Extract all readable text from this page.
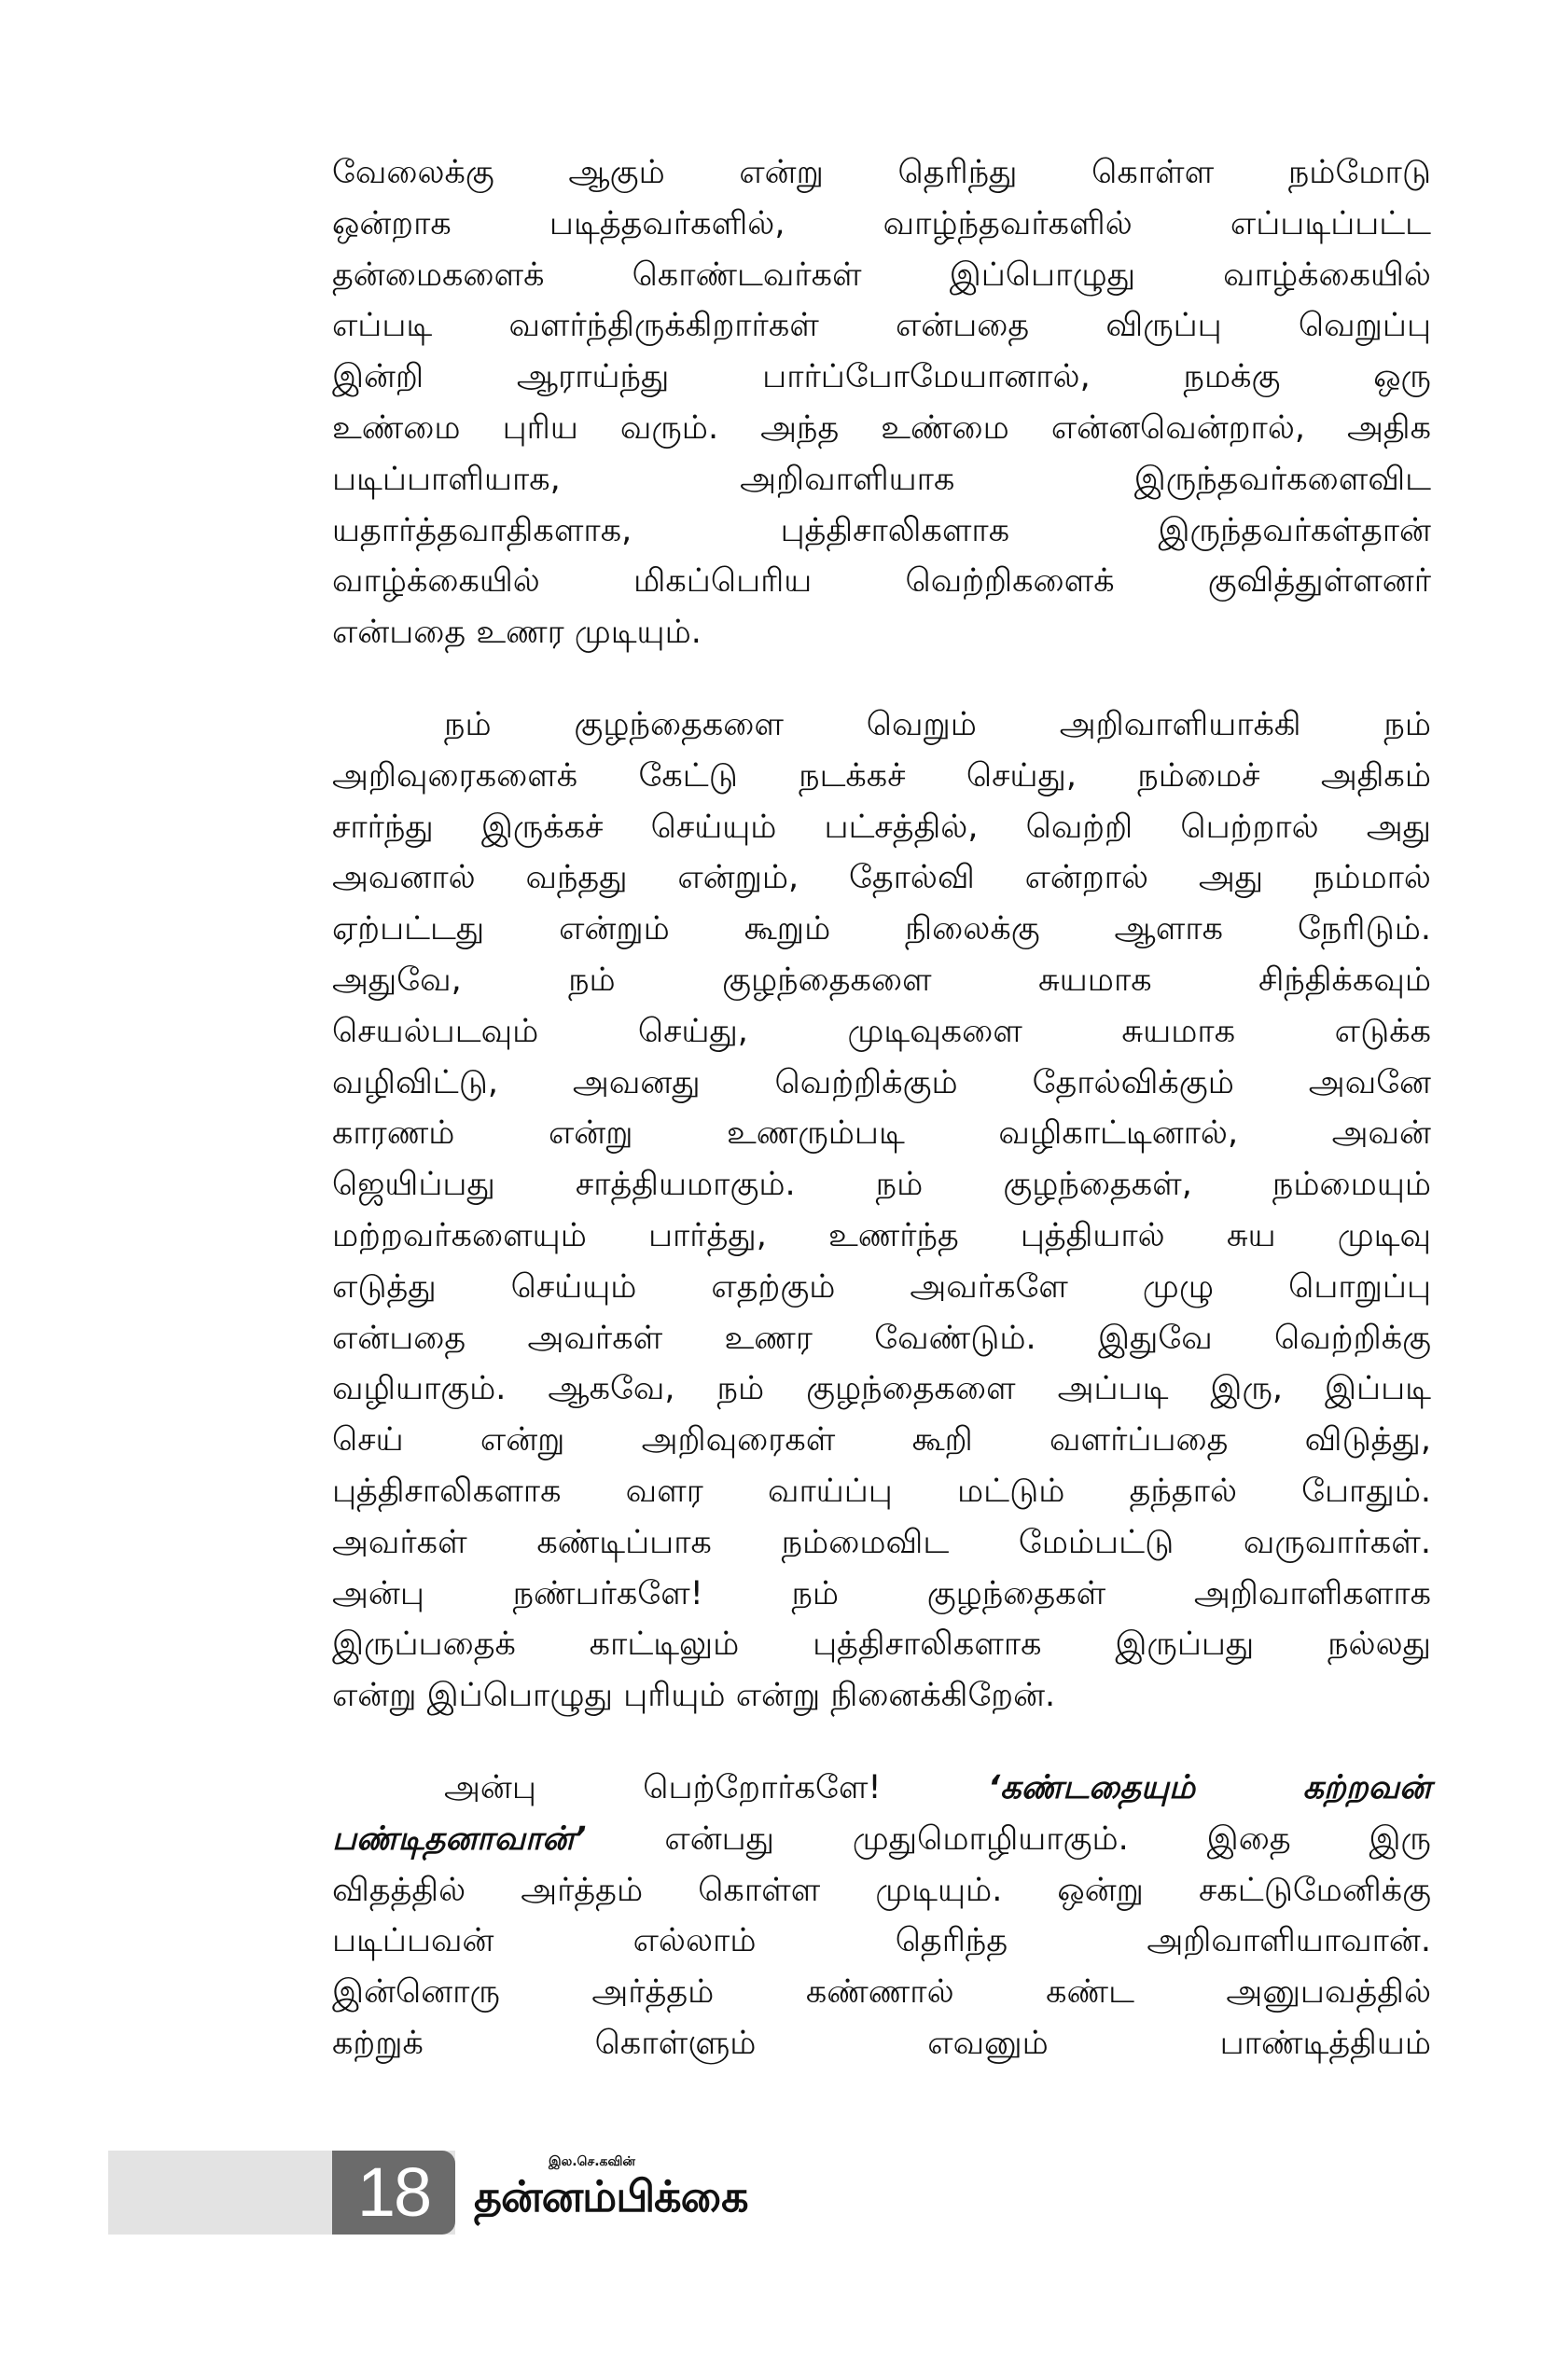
வேலைக்கு ஆகும் என்று தெரிந்து கொள்ள நம்மோடு
ஒன்றாக படித்தவர்களில், வாழ்ந்தவர்களில் எப்படிப்பட்ட
தன்மைகளைக் கொண்டவர்கள் இப்பொழுது வாழ்க்கையில்
எப்படி வளர்ந்திருக்கிறார்கள் என்பதை விருப்பு வெறுப்பு
இன்றி ஆராய்ந்து பார்ப்போமேயானால், நமக்கு ஒரு
உண்மை புரிய வரும். அந்த உண்மை என்னவென்றால், அதிக
படிப்பாளியாக, அறிவாளியாக இருந்தவர்களைவிட
யதார்த்தவாதிகளாக, புத்திசாலிகளாக இருந்தவர்கள்தான்
வாழ்க்கையில் மிகப்பெரிய வெற்றிகளைக் குவித்துள்ளனர்
என்பதை உணர முடியும்.
நம் குழந்தைகளை வெறும் அறிவாளியாக்கி நம்
அறிவுரைகளைக் கேட்டு நடக்கச் செய்து, நம்மைச் அதிகம்
சார்ந்து இருக்கச் செய்யும் பட்சத்தில், வெற்றி பெற்றால் அது
அவனால் வந்தது என்றும், தோல்வி என்றால் அது நம்மால்
ஏற்பட்டது என்றும் கூறும் நிலைக்கு ஆளாக நேரிடும்.
அதுவே, நம் குழந்தைகளை சுயமாக சிந்திக்கவும்
செயல்படவும் செய்து, முடிவுகளை சுயமாக எடுக்க
வழிவிட்டு, அவனது வெற்றிக்கும் தோல்விக்கும் அவனே
காரணம் என்று உணரும்படி வழிகாட்டினால், அவன்
ஜெயிப்பது சாத்தியமாகும். நம் குழந்தைகள், நம்மையும்
மற்றவர்களையும் பார்த்து, உணர்ந்த புத்தியால் சுய முடிவு
எடுத்து செய்யும் எதற்கும் அவர்களே முழு பொறுப்பு
என்பதை அவர்கள் உணர வேண்டும். இதுவே வெற்றிக்கு
வழியாகும். ஆகவே, நம் குழந்தைகளை அப்படி இரு, இப்படி
செய் என்று அறிவுரைகள் கூறி வளர்ப்பதை விடுத்து,
புத்திசாலிகளாக வளர வாய்ப்பு மட்டும் தந்தால் போதும்.
அவர்கள் கண்டிப்பாக நம்மைவிட மேம்பட்டு வருவார்கள்.
அன்பு நண்பர்களே! நம் குழந்தைகள் அறிவாளிகளாக
இருப்பதைக் காட்டிலும் புத்திசாலிகளாக இருப்பது நல்லது
என்று இப்பொழுது புரியும் என்று நினைக்கிறேன்.
அன்பு பெற்றோர்களே!	‘கண்டதையும் கற்றவன்
பண்டிதனாவான்’ என்பது முதுமொழியாகும். இதை இரு
விதத்தில் அர்த்தம் கொள்ள முடியும். ஒன்று சகட்டுமேனிக்கு
படிப்பவன் எல்லாம் தெரிந்த அறிவாளியாவான்.
இன்னொரு அர்த்தம் கண்ணால் கண்ட அனுபவத்தில்
கற்றுக் கொள்ளும் எவனும் பாண்டித்தியம்
18	இல.செ.கவின்
தன்னம்பிக்கை
